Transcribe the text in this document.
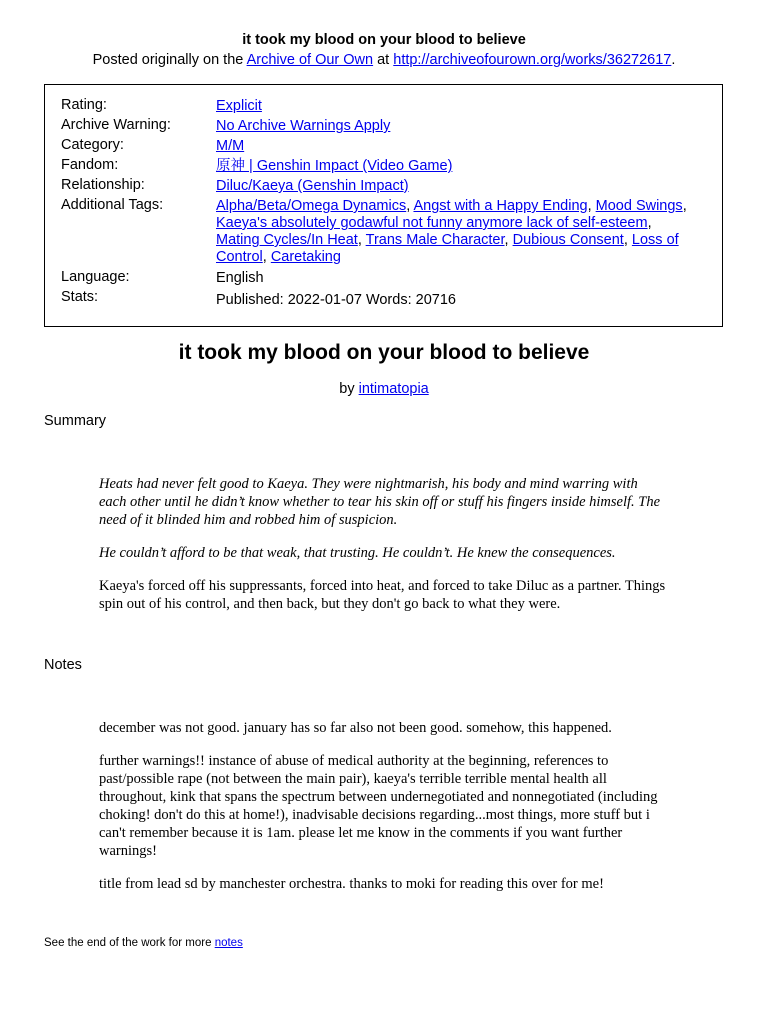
it took my blood on your blood to believe
Posted originally on the Archive of Our Own at http://archiveofourown.org/works/36272617.
Rating:	Explicit
Archive Warning:	No Archive Warnings Apply
Category:	M/M
Fandom:	原神 | Genshin Impact (Video Game)
Relationship:	Diluc/Kaeya (Genshin Impact)
Additional Tags:	Alpha/Beta/Omega Dynamics, Angst with a Happy Ending, Mood Swings, Kaeya's absolutely godawful not funny anymore lack of self-esteem, Mating Cycles/In Heat, Trans Male Character, Dubious Consent, Loss of Control, Caretaking
Language:	English
Stats:	Published: 2022-01-07 Words: 20716
it took my blood on your blood to believe
by intimatopia
Summary

Heats had never felt good to Kaeya. They were nightmarish, his body and mind warring with each other until he didn’t know whether to tear his skin off or stuff his fingers inside himself. The need of it blinded him and robbed him of suspicion.

He couldn’t afford to be that weak, that trusting. He couldn’t. He knew the consequences.

Kaeya's forced off his suppressants, forced into heat, and forced to take Diluc as a partner. Things spin out of his control, and then back, but they don't go back to what they were.

Notes

december was not good. january has so far also not been good. somehow, this happened.

further warnings!! instance of abuse of medical authority at the beginning, references to past/possible rape (not between the main pair), kaeya's terrible terrible mental health all throughout, kink that spans the spectrum between undernegotiated and nonnegotiated (including choking! don't do this at home!), inadvisable decisions regarding...most things, more stuff but i can't remember because it is 1am. please let me know in the comments if you want further warnings!

title from lead sd by manchester orchestra. thanks to moki for reading this over for me!

See the end of the work for more notes
